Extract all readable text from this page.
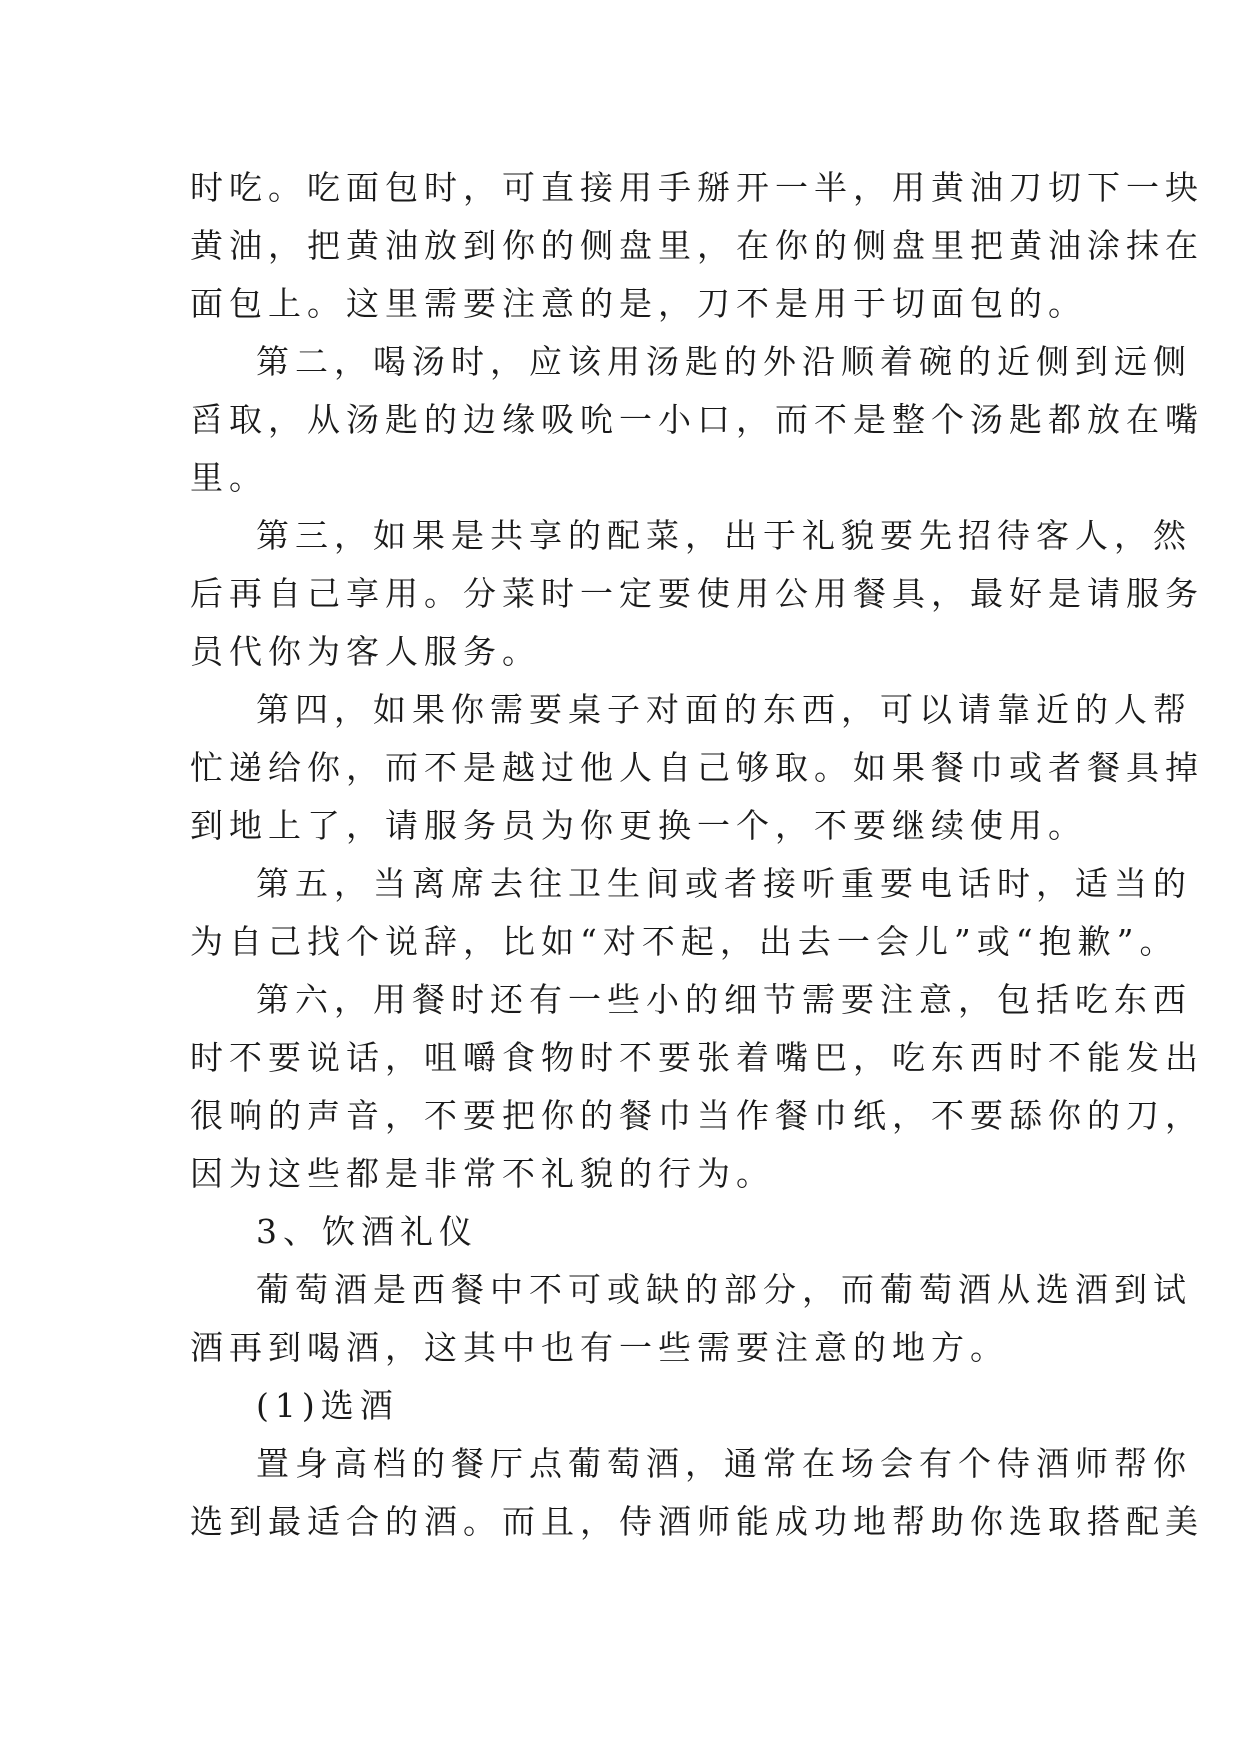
时吃。吃面包时，可直接用手掰开一半，用黄油刀切下一块
黄油，把黄油放到你的侧盘里，在你的侧盘里把黄油涂抹在
面包上。这里需要注意的是，刀不是用于切面包的。
第二，喝汤时，应该用汤匙的外沿顺着碗的近侧到远侧
舀取，从汤匙的边缘吸吮一小口，而不是整个汤匙都放在嘴
里。
第三，如果是共享的配菜，出于礼貌要先招待客人，然
后再自己享用。分菜时一定要使用公用餐具，最好是请服务
员代你为客人服务。
第四，如果你需要桌子对面的东西，可以请靠近的人帮
忙递给你，而不是越过他人自己够取。如果餐巾或者餐具掉
到地上了，请服务员为你更换一个，不要继续使用。
第五，当离席去往卫生间或者接听重要电话时，适当的
为自己找个说辞，比如“对不起，出去一会儿”或“抱歉”。
第六，用餐时还有一些小的细节需要注意，包括吃东西
时不要说话，咀嚼食物时不要张着嘴巴，吃东西时不能发出
很响的声音，不要把你的餐巾当作餐巾纸，不要舔你的刀，
因为这些都是非常不礼貌的行为。
3、饮酒礼仪
葡萄酒是西餐中不可或缺的部分，而葡萄酒从选酒到试
酒再到喝酒，这其中也有一些需要注意的地方。
(1)选酒
置身高档的餐厅点葡萄酒，通常在场会有个侍酒师帮你
选到最适合的酒。而且，侍酒师能成功地帮助你选取搭配美
